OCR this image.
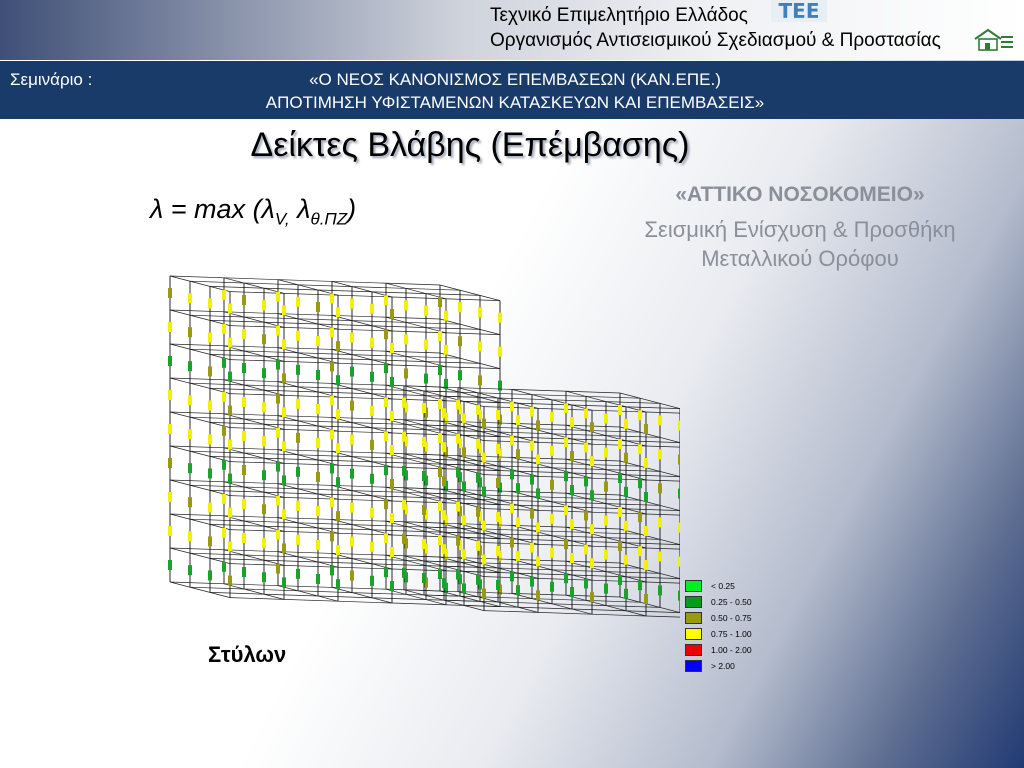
Τεχνικό Επιμελητήριο Ελλάδος	ΤΕΕ
Οργανισμός Αντισεισμικού Σχεδιασμού & Προστασίας
Σεμινάριο :	«Ο ΝΕΟΣ ΚΑΝΟΝΙΣΜΟΣ ΕΠΕΜΒΑΣΕΩΝ (ΚΑΝ.ΕΠΕ.)
ΑΠΟΤΙΜΗΣΗ ΥΦΙΣΤΑΜΕΝΩΝ ΚΑΤΑΣΚΕΥΩΝ ΚΑΙ ΕΠΕΜΒΑΣΕΙΣ»
Δείκτες Βλάβης (Επέμβασης)
$\lambda = \max (\lambda_{V,}$ $\lambda_{\theta.\Pi Z}$)	«ΑΤΤΙΚΟ ΝΟΣΟΚΟΜΕΙΟ»
Σεισμική Ενίσχυση & Προσθήκη
Μεταλλικού Ορόφου
Στύλων
< 0.25
0.25 - 0.50
0.50 - 0.75
0.75 - 1.00
1.00 - 2.00
> 2.00
